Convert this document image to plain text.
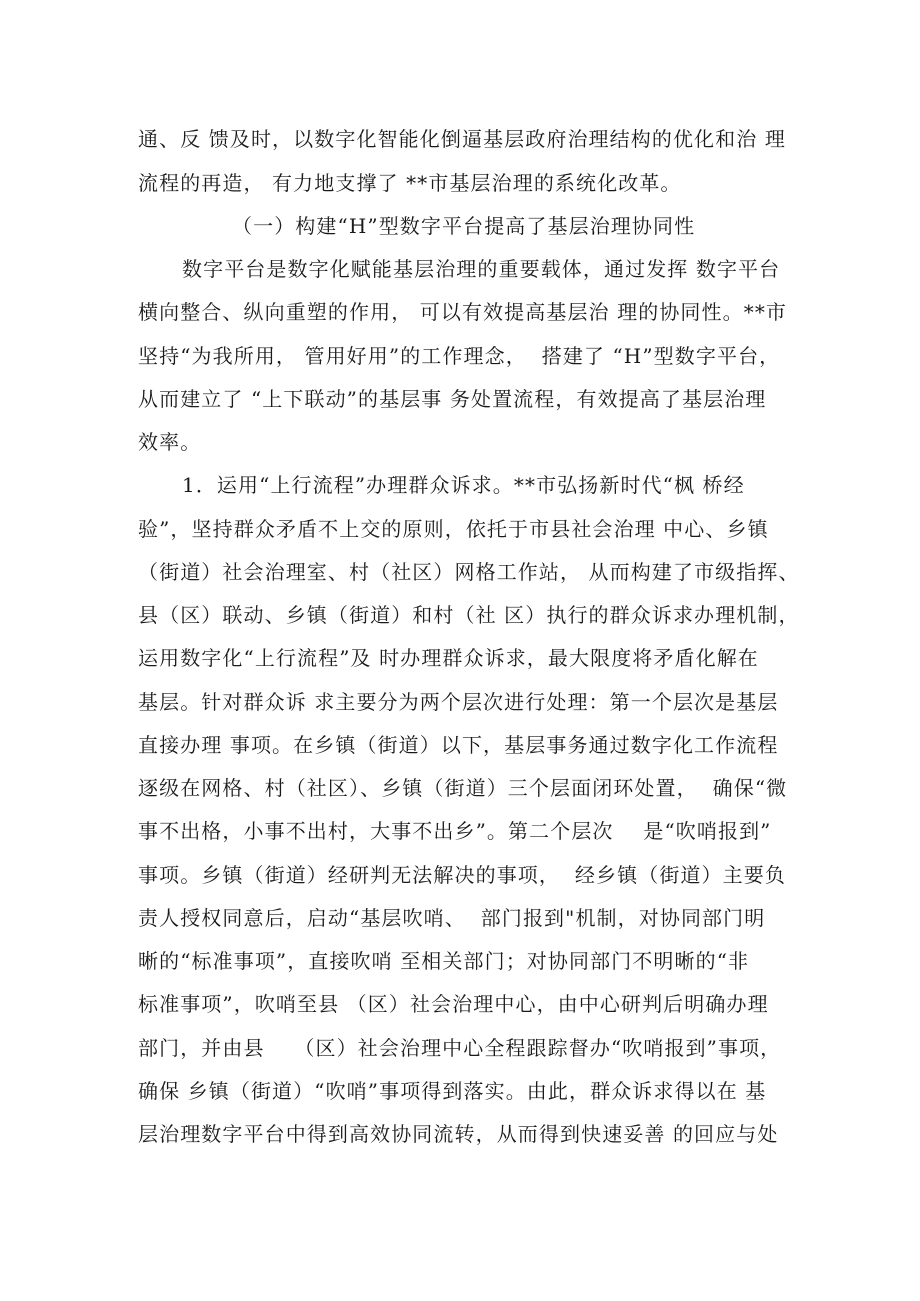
通、反 馈及时，以数字化智能化倒逼基层政府治理结构的优化和治 理
流程的再造， 有力地支撑了 **市基层治理的系统化改革。
（一）构建“H”型数字平台提高了基层治理协同性
数字平台是数字化赋能基层治理的重要载体，通过发挥 数字平台
横向整合、纵向重塑的作用， 可以有效提高基层治 理的协同性。**市
坚持“为我所用， 管用好用”的工作理念，  搭建了 “H”型数字平台，
从而建立了 “上下联动”的基层事 务处置流程，有效提高了基层治理
效率。
1．运用“上行流程”办理群众诉求。**市弘扬新时代“枫 桥经
验”，坚持群众矛盾不上交的原则，依托于市县社会治理 中心、乡镇
（街道）社会治理室、村（社区）网格工作站， 从而构建了市级指挥、
县（区）联动、乡镇（街道）和村（社 区）执行的群众诉求办理机制，
运用数字化“上行流程”及 时办理群众诉求，最大限度将矛盾化解在
基层。针对群众诉 求主要分为两个层次进行处理：第一个层次是基层
直接办理 事项。在乡镇（街道）以下，基层事务通过数字化工作流程
逐级在网格、村（社区）、乡镇（街道）三个层面闭环处置，  确保“微
事不出格，小事不出村，大事不出乡”。第二个层次    是“吹哨报到”
事项。乡镇（街道）经研判无法解决的事项，  经乡镇（街道）主要负
责人授权同意后，启动“基层吹哨、  部门报到"机制，对协同部门明
晰的“标准事项”，直接吹哨 至相关部门；对协同部门不明晰的“非
标准事项”，吹哨至县 （区）社会治理中心，由中心研判后明确办理
部门，并由县    （区）社会治理中心全程跟踪督办“吹哨报到”事项，
确保 乡镇（街道）“吹哨”事项得到落实。由此，群众诉求得以在 基
层治理数字平台中得到高效协同流转，从而得到快速妥善 的回应与处
